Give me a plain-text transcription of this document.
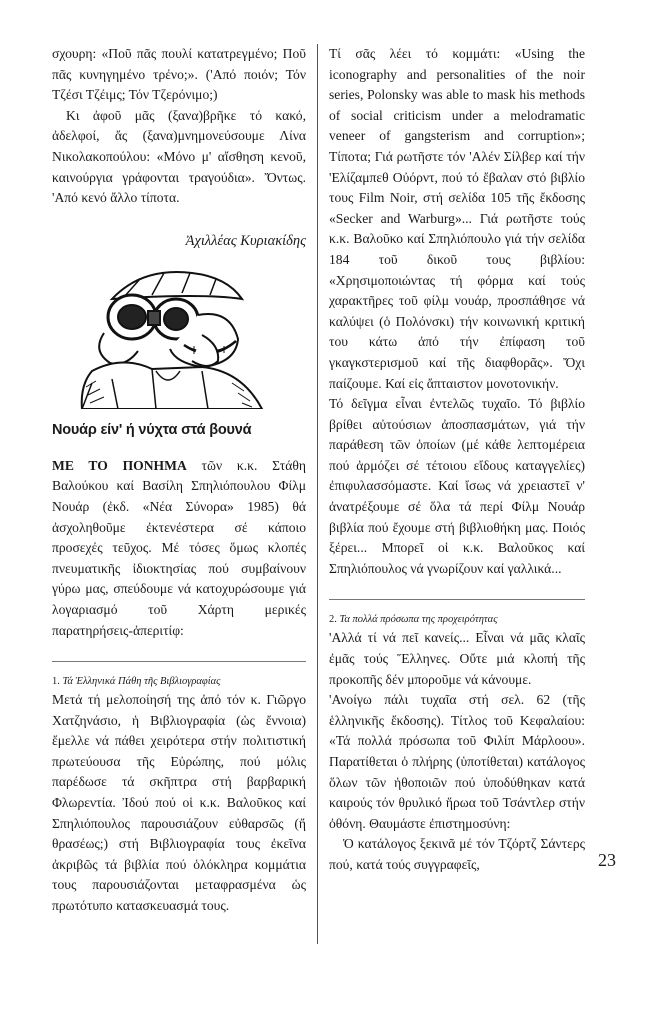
σχουρη: «Ποῦ πᾶς πουλί κατατρεγμένο; Ποῦ πᾶς κυνηγημένο τρένο;». ('Από ποιόν; Τόν Τζέσι Τζέιμς; Τόν Τζερόνιμο;)

Κι ἀφοῦ μᾶς (ξανα)βρῆκε τό κακό, ἀδελφοί, ἄς (ξανα)μνημονεύσουμε Λίνα Νικολακοπούλου: «Μόνο μ' αἴσθηση κενοῦ, καινούργια γράφονται τραγούδια». Ὄντως. 'Από κενό ἄλλο τίποτα.

Ἀχιλλέας Κυριακίδης
Νουάρ είν' ή νύχτα στά βουνά

ΜΕ ΤΟ ΠΟΝΗΜΑ τῶν κ.κ. Στάθη Βαλούκου καί Βασίλη Σπηλιόπουλου Φίλμ Νουάρ (ἐκδ. «Νέα Σύνορα» 1985) θά ἀσχοληθοῦμε ἐκτενέστερα σέ κάποιο προσεχές τεῦχος. Μέ τόσες ὅμως κλοπές πνευματικῆς ἰδιοκτησίας πού συμβαίνουν γύρω μας, σπεύδουμε νά κατοχυρώσουμε γιά λογαριασμό τοῦ Χάρτη μερικές παρατηρήσεις-ἀπεριτίφ:

1. Τά Ἑλληνικά Πάθη τῆς Βιβλιογραφίας

Μετά τή μελοποίησή της ἀπό τόν κ. Γιῶργο Χατζηνάσιο, ἡ Βιβλιογραφία (ὡς ἔννοια) ἔμελλε νά πάθει χειρότερα στήν πολιτιστική πρωτεύουσα τῆς Εὐρώπης, πού μόλις παρέδωσε τά σκῆπτρα στή βαρβαρική Φλωρεντία. Ἰδού πού οἱ κ.κ. Βαλοῦκος καί Σπηλιόπουλος παρουσιάζουν εὐθαρσῶς (ἤ θρασέως;) στή Βιβλιογραφία τους ἐκεῖνα ἀκριβῶς τά βιβλία πού ὁλόκληρα κομμάτια τους παρουσιάζονται μεταφρασμένα ὡς πρωτότυπο κατασκευασμά τους.

Τί σᾶς λέει τό κομμάτι: «Using the iconography and personalities of the noir series, Polonsky was able to mask his methods of social criticism under a melodramatic veneer of gangsterism and corruption»; Τίποτα; Γιά ρωτῆστε τόν 'Αλέν Σίλβερ καί τήν 'Ελίζαμπεθ Οὐόρντ, πού τό ἔβαλαν στό βιβλίο τους Film Noir, στή σελίδα 105 τῆς ἔκδοσης «Secker and Warburg»... Γιά ρωτῆστε τούς κ.κ. Βαλοῦκο καί Σπηλιόπουλο γιά τήν σελίδα 184 τοῦ δικοῦ τους βιβλίου: «Χρησιμοποιώντας τή φόρμα καί τούς χαρακτῆρες τοῦ φίλμ νουάρ, προσπάθησε νά καλύψει (ὁ Πολόνσκι) τήν κοινωνική κριτική του κάτω ἀπό τήν ἐπίφαση τοῦ γκαγκστερισμοῦ καί τῆς διαφθορᾶς». Ὄχι παίζουμε. Καί εἰς ἄπταιστον μονοτονικήν.

Τό δεῖγμα εἶναι ἐντελῶς τυχαῖο. Τό βιβλίο βρίθει αὐτούσιων ἀποσπασμάτων, γιά τήν παράθεση τῶν ὁποίων (μέ κάθε λεπτομέρεια πού ἁρμόζει σέ τέτοιου εἴδους καταγγελίες) ἐπιφυλασσόμαστε. Καί ἴσως νά χρειαστεῖ ν' ἀνατρέξουμε σέ ὅλα τά περί Φίλμ Νουάρ βιβλία πού ἔχουμε στή βιβλιοθήκη μας. Ποιός ξέρει... Μπορεῖ οἱ κ.κ. Βαλοῦκος καί Σπηλιόπουλος νά γνωρίζουν καί γαλλικά...

2. Τα πολλά πρόσωπα της προχειρότητας

'Αλλά τί νά πεῖ κανείς... Εἶναι νά μᾶς κλαῖς ἐμᾶς τούς Ἕλληνες. Οὔτε μιά κλοπή τῆς προκοπῆς δέν μποροῦμε νά κάνουμε.

'Ανοίγω πάλι τυχαῖα στή σελ. 62 (τῆς ἑλληνικῆς ἔκδοσης). Τίτλος τοῦ Κεφαλαίου: «Τά πολλά πρόσωπα τοῦ Φιλίπ Μάρλοου». Παρατίθεται ὁ πλήρης (ὑποτίθεται) κατάλογος ὅλων τῶν ἡθοποιῶν πού ὑποδύθηκαν κατά καιρούς τόν θρυλικό ἥρωα τοῦ Τσάντλερ στήν ὀθόνη. Θαυμάστε ἐπιστημοσύνη:

Ὁ κατάλογος ξεκινᾶ μέ τόν Τζόρτζ Σάντερς πού, κατά τούς συγγραφεῖς,	23
